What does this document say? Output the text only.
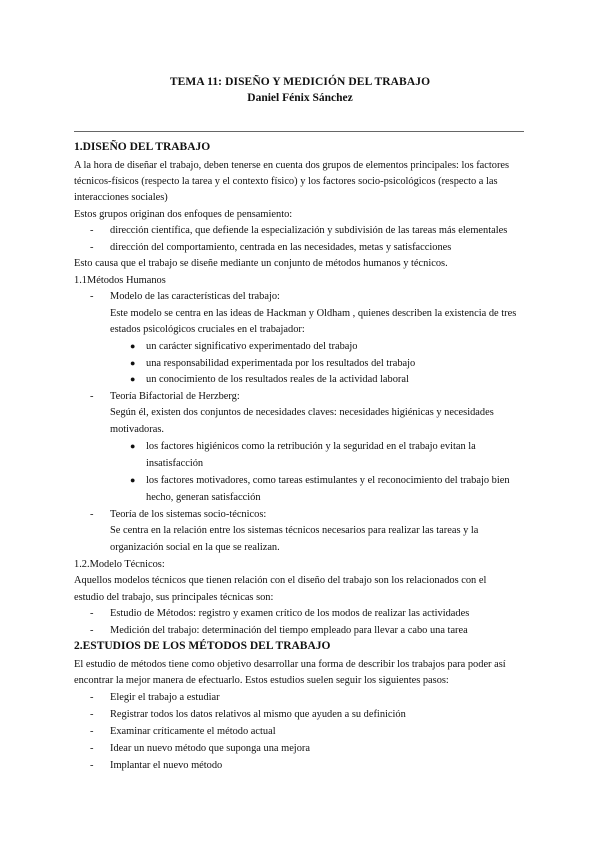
TEMA 11: DISEÑO Y MEDICIÓN DEL TRABAJO
Daniel Fénix Sánchez
1.DISEÑO DEL TRABAJO
A la hora de diseñar el trabajo, deben tenerse en cuenta dos grupos de elementos principales: los factores
técnicos-físicos (respecto la tarea y el contexto físico) y los factores socio-psicológicos (respecto a las
interacciones sociales)
Estos grupos originan dos enfoques de pensamiento:
- dirección científica, que defiende la especialización y subdivisión de las tareas más elementales
- dirección del comportamiento, centrada en las necesidades, metas y satisfacciones
Esto causa que el trabajo se diseñe mediante un conjunto de métodos humanos y técnicos.
1.1Métodos Humanos
- Modelo de las características del trabajo:
Este modelo se centra en las ideas de Hackman y Oldham , quienes describen la existencia de tres
estados psicológicos cruciales en el trabajador:
● un carácter significativo experimentado del trabajo
● una responsabilidad experimentada por los resultados del trabajo
● un conocimiento de los resultados reales de la actividad laboral
- Teoría Bifactorial de Herzberg:
Según él, existen dos conjuntos de necesidades claves: necesidades higiénicas y necesidades
motivadoras.
● los factores higiénicos como la retribución y la seguridad en el trabajo evitan la
insatisfacción
● los factores motivadores, como tareas estimulantes y el reconocimiento del trabajo bien
hecho, generan satisfacción
- Teoría de los sistemas socio-técnicos:
Se centra en la relación entre los sistemas técnicos necesarios para realizar las tareas y la
organización social en la que se realizan.
1.2.Modelo Técnicos:
Aquellos modelos técnicos que tienen relación con el diseño del trabajo son los relacionados con el
estudio del trabajo, sus principales técnicas son:
- Estudio de Métodos: registro y examen crítico de los modos de realizar las actividades
- Medición del trabajo: determinación del tiempo empleado para llevar a cabo una tarea
2.ESTUDIOS DE LOS MÉTODOS DEL TRABAJO
El estudio de métodos tiene como objetivo desarrollar una forma de describir los trabajos para poder así
encontrar la mejor manera de efectuarlo. Estos estudios suelen seguir los siguientes pasos:
- Elegir el trabajo a estudiar
- Registrar todos los datos relativos al mismo que ayuden a su definición
- Examinar críticamente el método actual
- Idear un nuevo método que suponga una mejora
- Implantar el nuevo método
